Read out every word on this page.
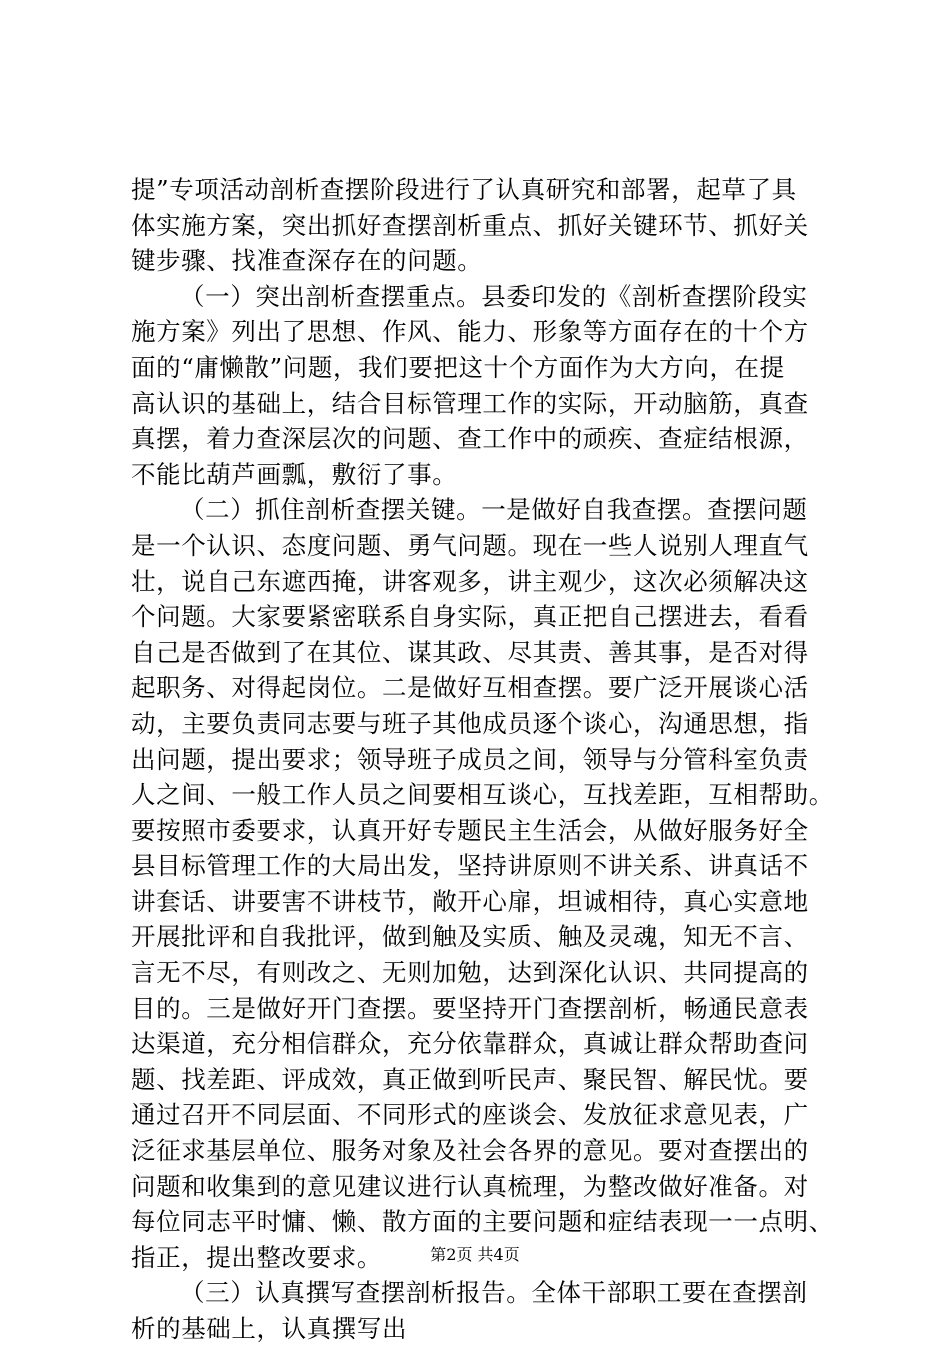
提”专项活动剖析查摆阶段进行了认真研究和部署，起草了具
体实施方案，突出抓好查摆剖析重点、抓好关键环节、抓好关
键步骤、找准查深存在的问题。
（一）突出剖析查摆重点。县委印发的《剖析查摆阶段实
施方案》列出了思想、作风、能力、形象等方面存在的十个方
面的“庸懒散”问题，我们要把这十个方面作为大方向，在提
高认识的基础上，结合目标管理工作的实际，开动脑筋，真查
真摆，着力查深层次的问题、查工作中的顽疾、查症结根源，
不能比葫芦画瓢，敷衍了事。
（二）抓住剖析查摆关键。一是做好自我查摆。查摆问题
是一个认识、态度问题、勇气问题。现在一些人说别人理直气
壮，说自己东遮西掩，讲客观多，讲主观少，这次必须解决这
个问题。大家要紧密联系自身实际，真正把自己摆进去，看看
自己是否做到了在其位、谋其政、尽其责、善其事，是否对得
起职务、对得起岗位。二是做好互相查摆。要广泛开展谈心活
动，主要负责同志要与班子其他成员逐个谈心，沟通思想，指
出问题，提出要求；领导班子成员之间，领导与分管科室负责
人之间、一般工作人员之间要相互谈心，互找差距，互相帮助。
要按照市委要求，认真开好专题民主生活会，从做好服务好全
县目标管理工作的大局出发，坚持讲原则不讲关系、讲真话不
讲套话、讲要害不讲枝节，敞开心扉，坦诚相待，真心实意地
开展批评和自我批评，做到触及实质、触及灵魂，知无不言、
言无不尽，有则改之、无则加勉，达到深化认识、共同提高的
目的。三是做好开门查摆。要坚持开门查摆剖析，畅通民意表
达渠道，充分相信群众，充分依靠群众，真诚让群众帮助查问
题、找差距、评成效，真正做到听民声、聚民智、解民忧。要
通过召开不同层面、不同形式的座谈会、发放征求意见表，广
泛征求基层单位、服务对象及社会各界的意见。要对查摆出的
问题和收集到的意见建议进行认真梳理，为整改做好准备。对
每位同志平时慵、懒、散方面的主要问题和症结表现一一点明、
指正，提出整改要求。
（三）认真撰写查摆剖析报告。全体干部职工要在查摆剖
析的基础上，认真撰写出
第2页 共4页
